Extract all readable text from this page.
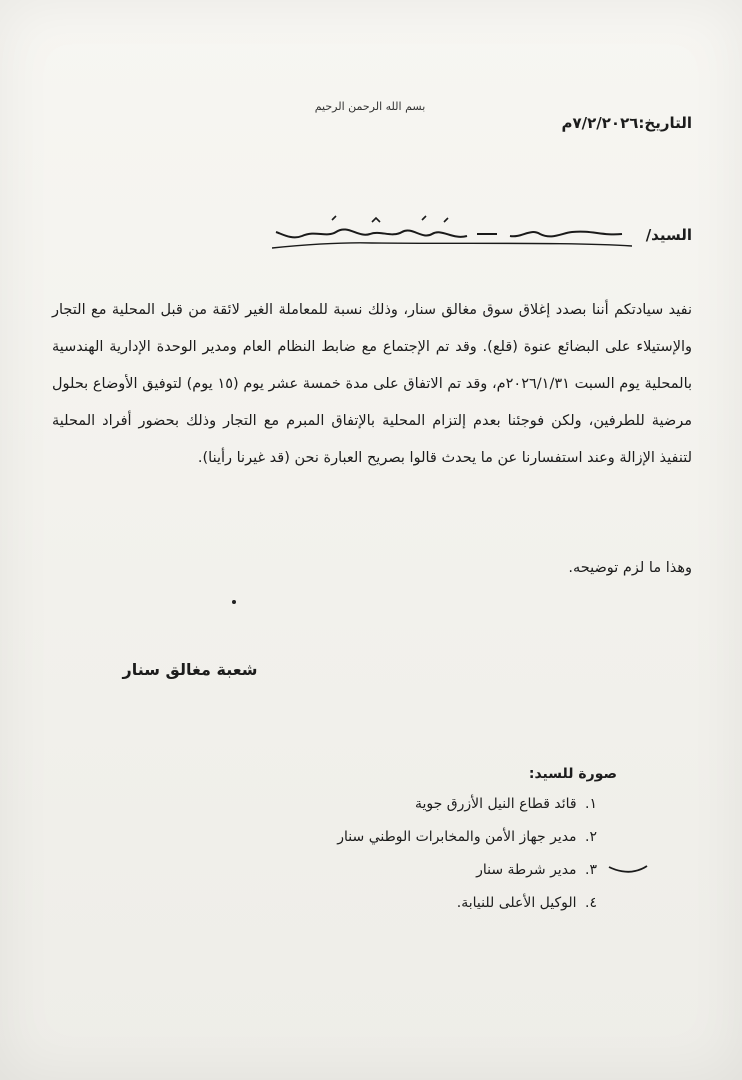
بسم الله الرحمن الرحيم
التاريخ:٧/٢/٢٠٢٦م
السيد/

نفيد سيادتكم أننا بصدد إغلاق سوق مغالق سنار، وذلك نسبة للمعاملة الغير لائقة من قبل المحلية مع التجار والإستيلاء على البضائع عنوة (قلع). وقد تم الإجتماع مع ضابط النظام العام ومدير الوحدة الإدارية الهندسية بالمحلية يوم السبت ٢٠٢٦/١/٣١م، وقد تم الاتفاق على مدة خمسة عشر يوم (١٥ يوم) لتوفيق الأوضاع بحلول مرضية للطرفين، ولكن فوجئنا بعدم إلتزام المحلية بالإتفاق المبرم مع التجار وذلك بحضور أفراد المحلية لتنفيذ الإزالة وعند استفسارنا عن ما يحدث قالوا بصريح العبارة نحن (قد غيرنا رأينا).

وهذا ما لزم توضيحه.
شعبة مغالق سنار

صورة للسيد:

١. قائد قطاع النيل الأزرق جوية
٢. مدير جهاز الأمن والمخابرات الوطني سنار
٣. مدير شرطة سنار
٤. الوكيل الأعلى للنيابة.
